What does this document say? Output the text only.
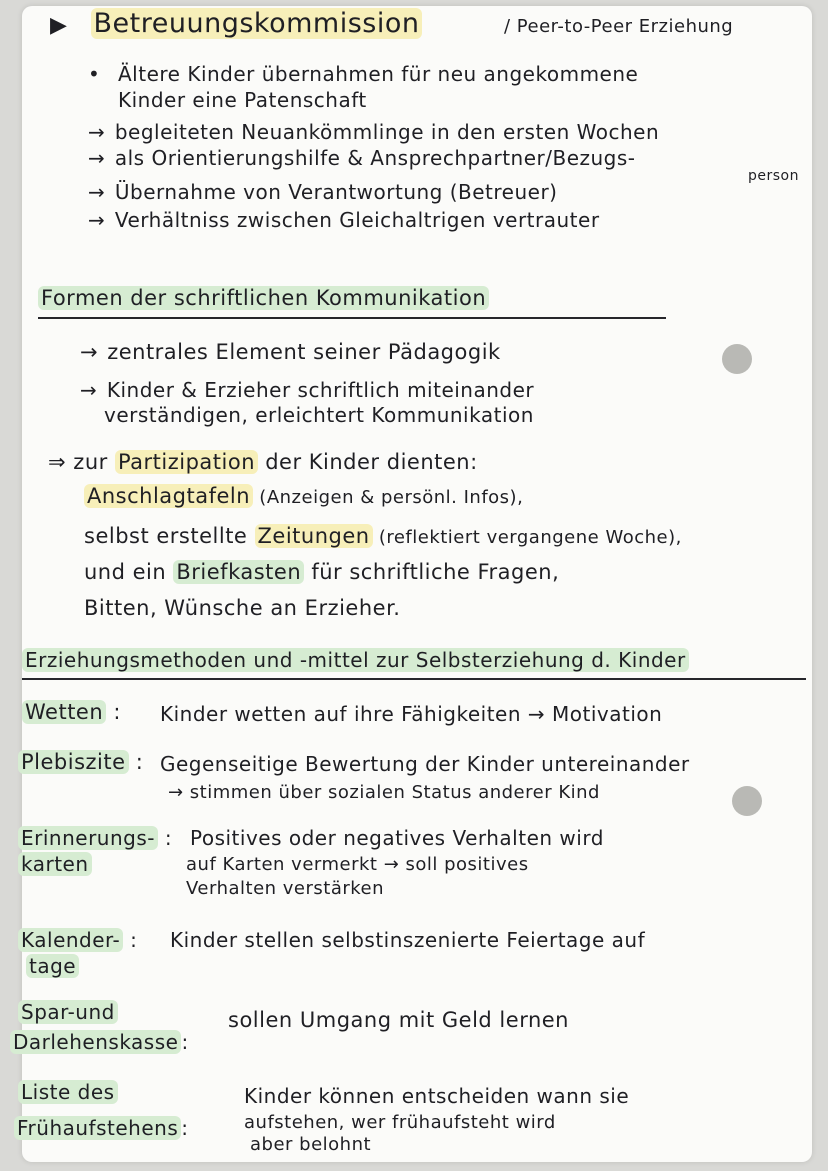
▶ Betreuungskommission	/ Peer-to-Peer Erziehung
• Ältere Kinder übernahmen für neu angekommene
Kinder eine Patenschaft
→ begleiteten Neuankömmlinge in den ersten Wochen
→ als Orientierungshilfe & Ansprechpartner/Bezugs-
person
→ Übernahme von Verantwortung (Betreuer)
→ Verhältniss zwischen Gleichaltrigen vertrauter
Formen der schriftlichen Kommunikation
→ zentrales Element seiner Pädagogik
→ Kinder & Erzieher schriftlich miteinander
verständigen, erleichtert Kommunikation
⇒ zur Partizipation der Kinder dienten:
Anschlagtafeln (Anzeigen & persönl. Infos),
selbst erstellte Zeitungen (reflektiert vergangene Woche),
und ein Briefkasten für schriftliche Fragen,
Bitten, Wünsche an Erzieher.
Erziehungsmethoden und -mittel zur Selbsterziehung d. Kinder
Wetten : Kinder wetten auf ihre Fähigkeiten → Motivation
Plebiszite : Gegenseitige Bewertung der Kinder untereinander
→ stimmen über sozialen Status anderer Kind
Erinnerungs- :
karten
Positives oder negatives Verhalten wird
auf Karten vermerkt → soll positives
Verhalten verstärken
Kalender- :
tage
Kinder stellen selbstinszenierte Feiertage auf
Spar-und
Darlehenskasse :
sollen Umgang mit Geld lernen
Liste des
Frühaufstehens :
Kinder können entscheiden wann sie
aufstehen, wer frühaufsteht wird
aber belohnt
